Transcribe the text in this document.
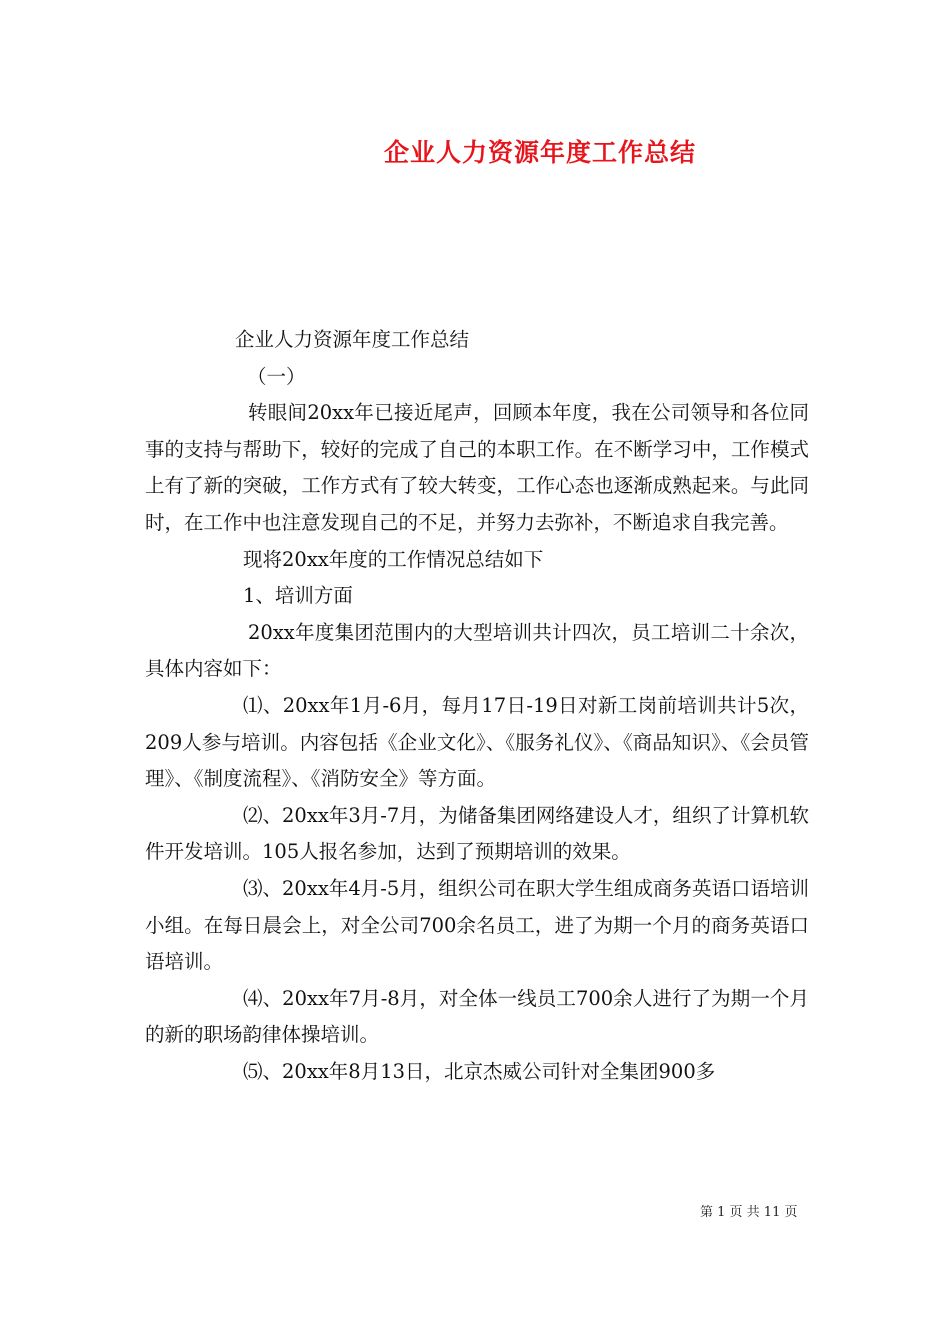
企业人力资源年度工作总结

企业人力资源年度工作总结

（一）

转眼间20xx年已接近尾声，回顾本年度，我在公司领导和各位同事的支持与帮助下，较好的完成了自己的本职工作。在不断学习中，工作模式上有了新的突破，工作方式有了较大转变，工作心态也逐渐成熟起来。与此同时，在工作中也注意发现自己的不足，并努力去弥补，不断追求自我完善。

现将20xx年度的工作情况总结如下

1、培训方面

20xx年度集团范围内的大型培训共计四次，员工培训二十余次，具体内容如下：

⑴、20xx年1月-6月，每月17日-19日对新工岗前培训共计5次，209人参与培训。内容包括《企业文化》、《服务礼仪》、《商品知识》、《会员管理》、《制度流程》、《消防安全》等方面。

⑵、20xx年3月-7月，为储备集团网络建设人才，组织了计算机软件开发培训。105人报名参加，达到了预期培训的效果。

⑶、20xx年4月-5月，组织公司在职大学生组成商务英语口语培训小组。在每日晨会上，对全公司700余名员工，进了为期一个月的商务英语口语培训。

⑷、20xx年7月-8月，对全体一线员工700余人进行了为期一个月的新的职场韵律体操培训。

⑸、20xx年8月13日，北京杰威公司针对全集团900多

第 1 页 共 11 页
